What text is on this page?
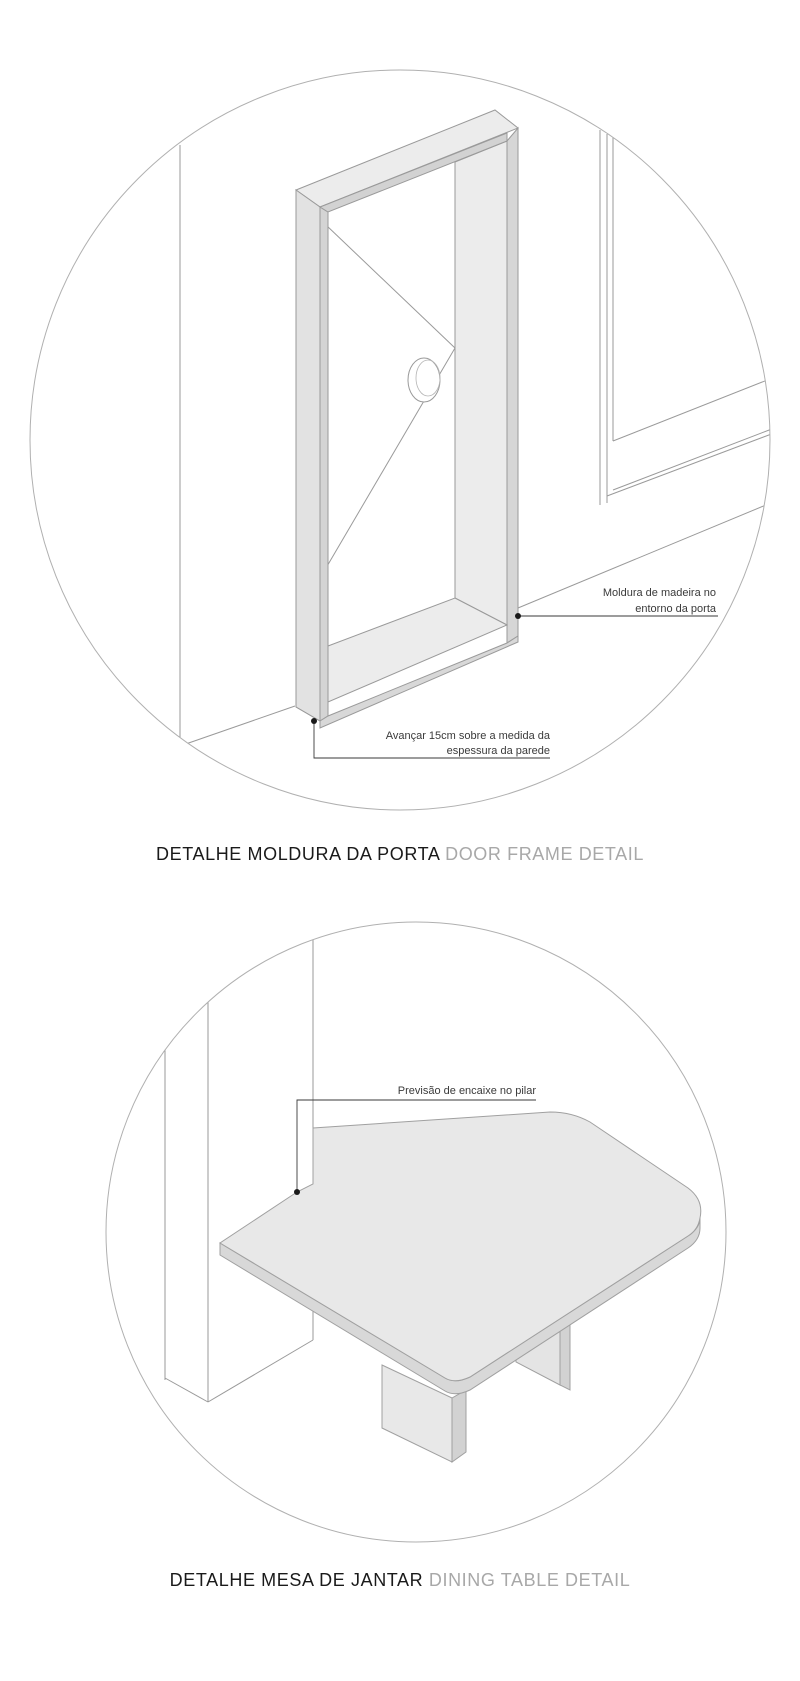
Moldura de madeira no
entorno da porta
Avançar 15cm sobre a medida da
espessura da parede
Previsão de encaixe no pilar
DETALHE MOLDURA DA PORTA DOOR FRAME DETAIL
DETALHE MESA DE JANTAR DINING TABLE DETAIL
